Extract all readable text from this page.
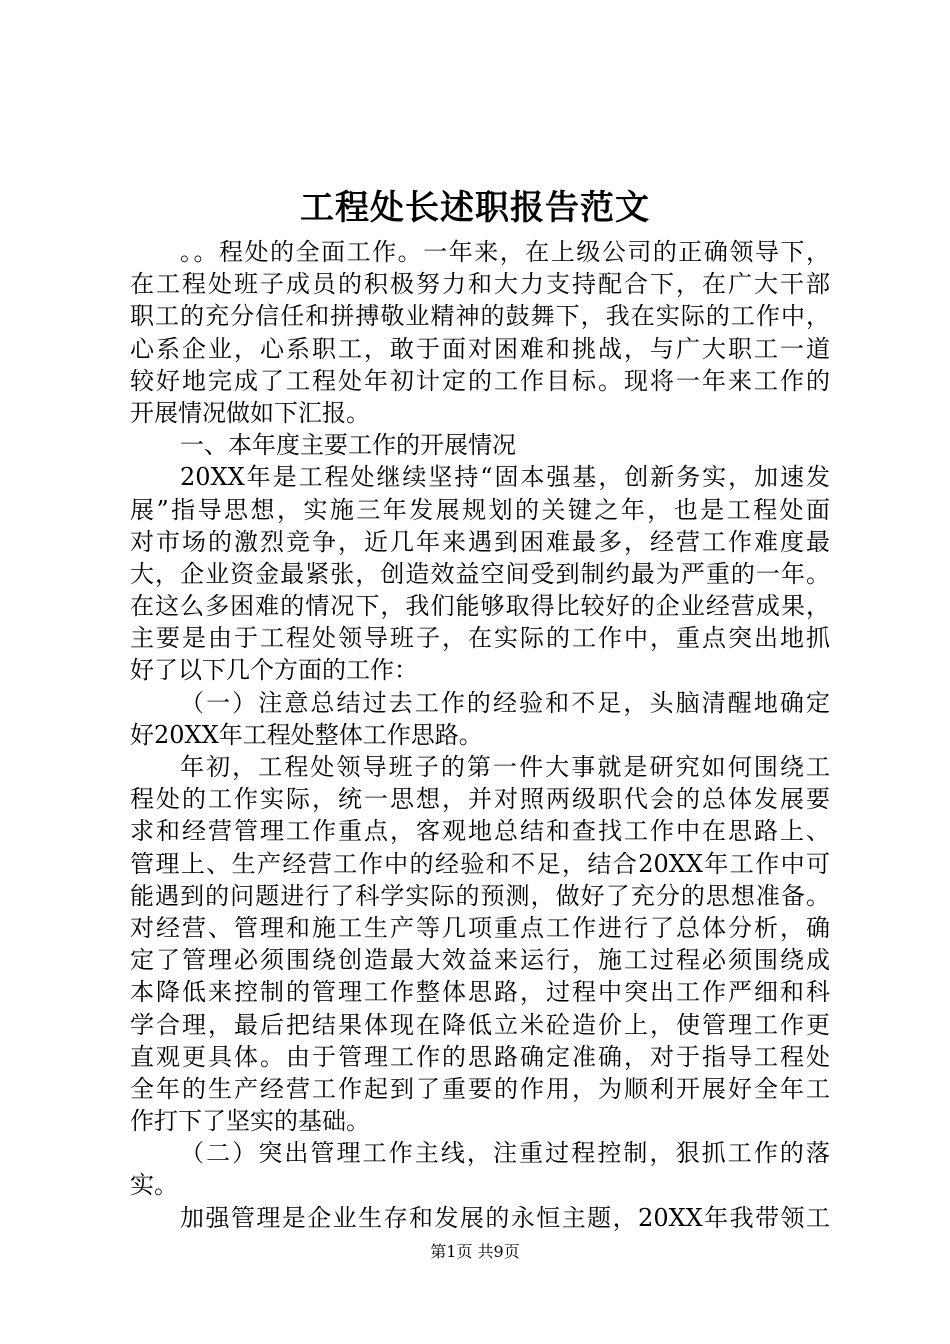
工程处长述职报告范文
。。程处的全面工作。一年来，在上级公司的正确领导下，
在工程处班子成员的积极努力和大力支持配合下，在广大干部
职工的充分信任和拼搏敬业精神的鼓舞下，我在实际的工作中，
心系企业，心系职工，敢于面对困难和挑战，与广大职工一道
较好地完成了工程处年初计定的工作目标。现将一年来工作的
开展情况做如下汇报。
一、本年度主要工作的开展情况
20XX年是工程处继续坚持“固本强基，创新务实，加速发
展”指导思想，实施三年发展规划的关键之年，也是工程处面
对市场的激烈竞争，近几年来遇到困难最多，经营工作难度最
大，企业资金最紧张，创造效益空间受到制约最为严重的一年。
在这么多困难的情况下，我们能够取得比较好的企业经营成果，
主要是由于工程处领导班子，在实际的工作中，重点突出地抓
好了以下几个方面的工作：
（一）注意总结过去工作的经验和不足，头脑清醒地确定
好20XX年工程处整体工作思路。
年初，工程处领导班子的第一件大事就是研究如何围绕工
程处的工作实际，统一思想，并对照两级职代会的总体发展要
求和经营管理工作重点，客观地总结和查找工作中在思路上、
管理上、生产经营工作中的经验和不足，结合20XX年工作中可
能遇到的问题进行了科学实际的预测，做好了充分的思想准备。
对经营、管理和施工生产等几项重点工作进行了总体分析，确
定了管理必须围绕创造最大效益来运行，施工过程必须围绕成
本降低来控制的管理工作整体思路，过程中突出工作严细和科
学合理，最后把结果体现在降低立米砼造价上，使管理工作更
直观更具体。由于管理工作的思路确定准确，对于指导工程处
全年的生产经营工作起到了重要的作用，为顺利开展好全年工
作打下了坚实的基础。
（二）突出管理工作主线，注重过程控制，狠抓工作的落
实。
加强管理是企业生存和发展的永恒主题，20XX年我带领工
第1页 共9页
